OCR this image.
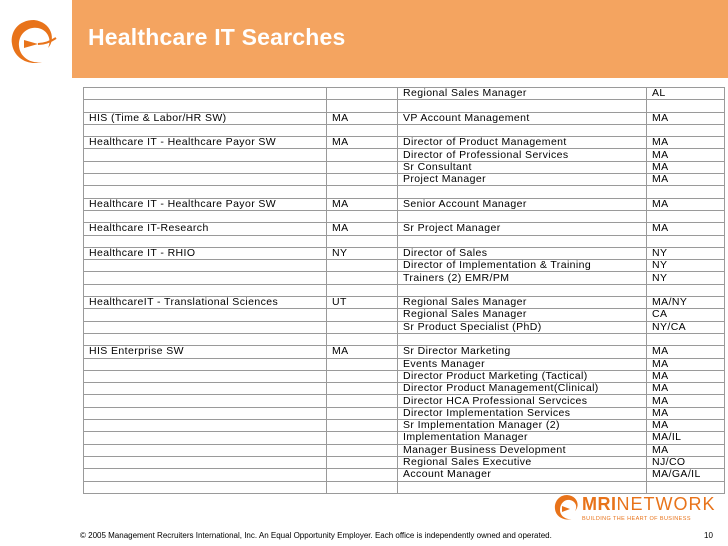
Healthcare IT Searches
		Regional Sales Manager	AL

HIS (Time & Labor/HR SW)	MA	VP Account Management	MA

Healthcare IT - Healthcare Payor SW	MA	Director of Product Management	MA
		Director of Professional Services	MA
		Sr Consultant	MA
		Project Manager	MA

Healthcare IT - Healthcare Payor SW	MA	Senior Account Manager	MA

Healthcare IT-Research	MA	Sr Project Manager	MA

Healthcare IT - RHIO	NY	Director of Sales	NY
		Director of Implementation & Training	NY
		Trainers (2) EMR/PM	NY

HealthcareIT - Translational Sciences	UT	Regional Sales Manager	MA/NY
		Regional Sales Manager	CA
		Sr Product Specialist (PhD)	NY/CA

HIS Enterprise SW	MA	Sr Director Marketing	MA
		Events Manager	MA
		Director Product Marketing (Tactical)	MA
		Director Product Management(Clinical)	MA
		Director HCA Professional Servcices	MA
		Director Implementation Services	MA
		Sr Implementation Manager (2)	MA
		Implementation Manager	MA/IL
		Manager Business Development	MA
		Regional Sales Executive	NJ/CO
		Account Manager	MA/GA/IL

MRINETWORK
BUILDING THE HEART OF BUSINESS
© 2005 Management Recruiters International, Inc. An Equal Opportunity Employer. Each office is independently owned and operated.	10
